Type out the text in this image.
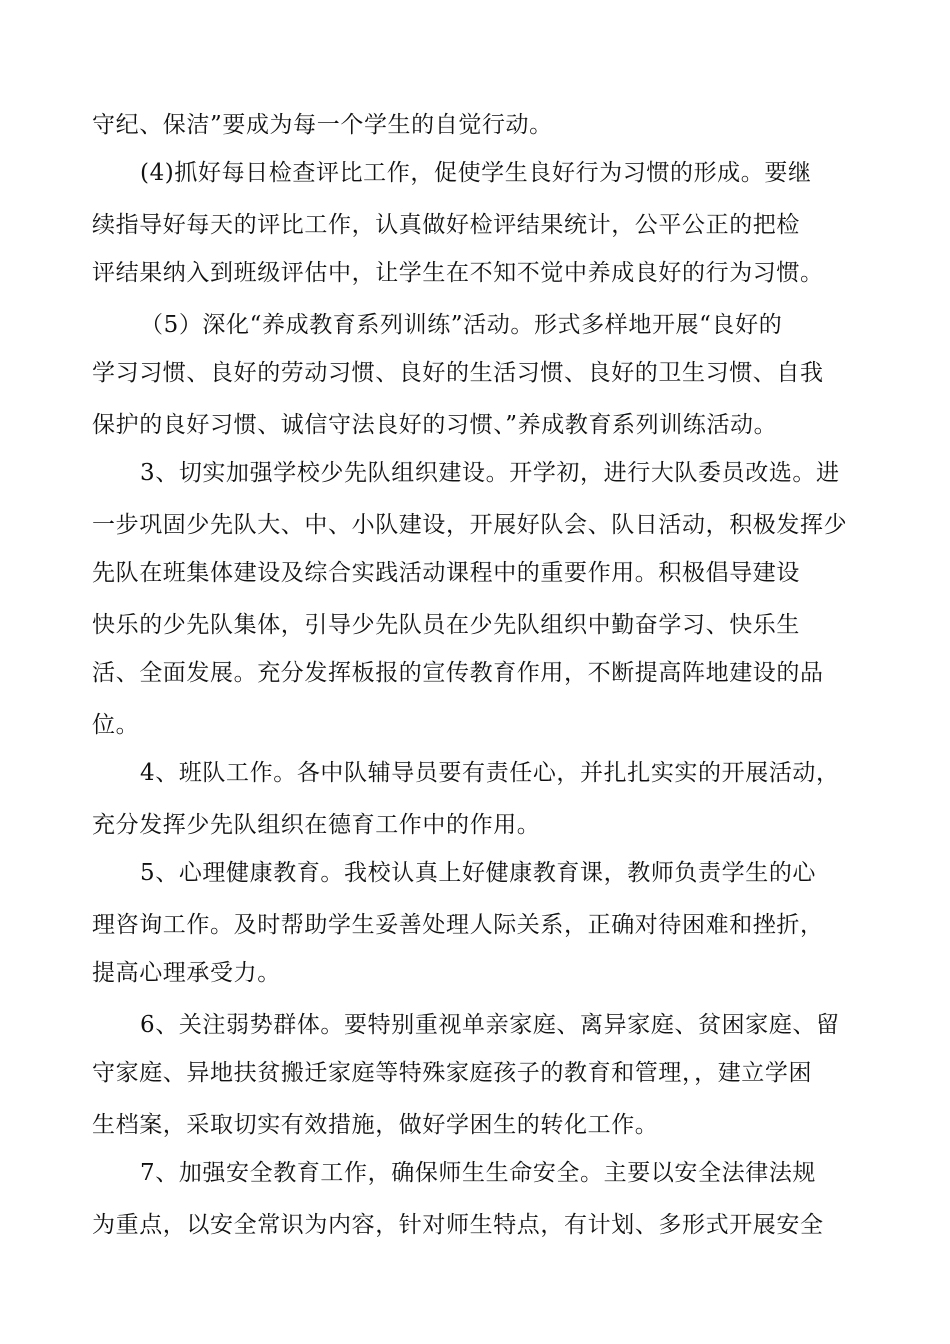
守纪、保洁”要成为每一个学生的自觉行动。
(4)抓好每日检查评比工作，促使学生良好行为习惯的形成。要继
续指导好每天的评比工作，认真做好检评结果统计，公平公正的把检
评结果纳入到班级评估中，让学生在不知不觉中养成良好的行为习惯。
（5）深化“养成教育系列训练”活动。形式多样地开展“良好的
学习习惯、良好的劳动习惯、良好的生活习惯、良好的卫生习惯、自我
保护的良好习惯、诚信守法良好的习惯、”养成教育系列训练活动。
3、切实加强学校少先队组织建设。开学初，进行大队委员改选。进
一步巩固少先队大、中、小队建设，开展好队会、队日活动，积极发挥少
先队在班集体建设及综合实践活动课程中的重要作用。积极倡导建设
快乐的少先队集体，引导少先队员在少先队组织中勤奋学习、快乐生
活、全面发展。充分发挥板报的宣传教育作用，不断提高阵地建设的品
位。
4、班队工作。各中队辅导员要有责任心，并扎扎实实的开展活动，
充分发挥少先队组织在德育工作中的作用。
5、心理健康教育。我校认真上好健康教育课，教师负责学生的心
理咨询工作。及时帮助学生妥善处理人际关系，正确对待困难和挫折，
提高心理承受力。
6、关注弱势群体。要特别重视单亲家庭、离异家庭、贫困家庭、留
守家庭、异地扶贫搬迁家庭等特殊家庭孩子的教育和管理，，建立学困
生档案，采取切实有效措施，做好学困生的转化工作。
7、加强安全教育工作，确保师生生命安全。主要以安全法律法规
为重点，以安全常识为内容，针对师生特点，有计划、多形式开展安全
